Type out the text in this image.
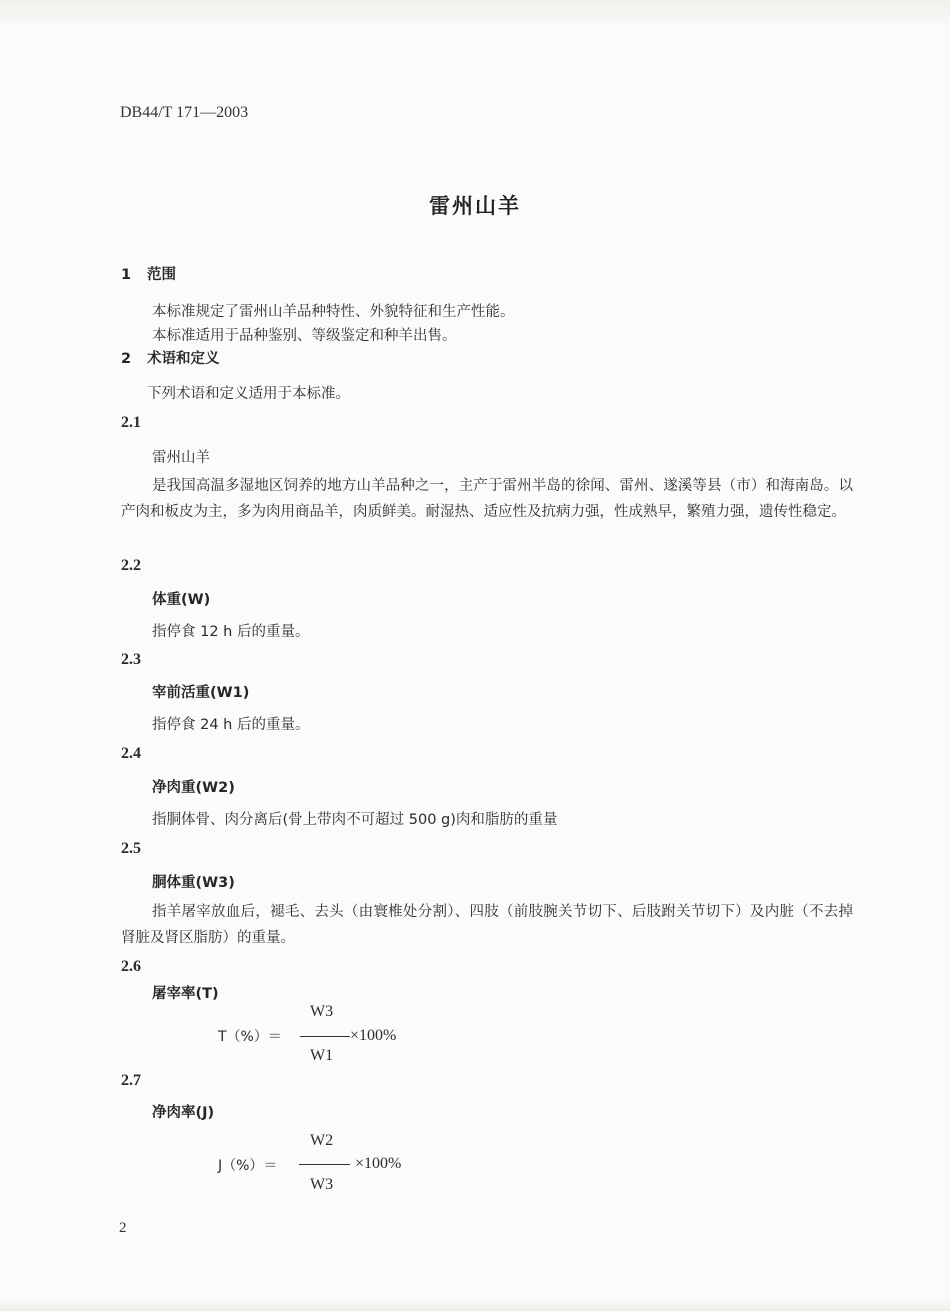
DB44/T 171—2003
雷州山羊
1 范围
本标准规定了雷州山羊品种特性、外貌特征和生产性能。
本标准适用于品种鉴别、等级鉴定和种羊出售。
2 术语和定义
下列术语和定义适用于本标准。
2.1
雷州山羊
是我国高温多湿地区饲养的地方山羊品种之一，主产于雷州半岛的徐闻、雷州、遂溪等县（市）和海南岛。以产肉和板皮为主，多为肉用商品羊，肉质鲜美。耐湿热、适应性及抗病力强，性成熟早，繁殖力强，遗传性稳定。
2.2
体重(W)
指停食 12 h 后的重量。
2.3
宰前活重(W1)
指停食 24 h 后的重量。
2.4
净肉重(W2)
指胴体骨、肉分离后(骨上带肉不可超过 500 g)肉和脂肪的重量
2.5
胴体重(W3)
指羊屠宰放血后，褪毛、去头（由寰椎处分割）、四肢（前肢腕关节切下、后肢跗关节切下）及内脏（不去掉肾脏及肾区脂肪）的重量。
2.6
屠宰率(T)
T（%）＝
W3
×100%
W1
2.7
净肉率(J)
J（%）＝
W2
×100%
W3
2
